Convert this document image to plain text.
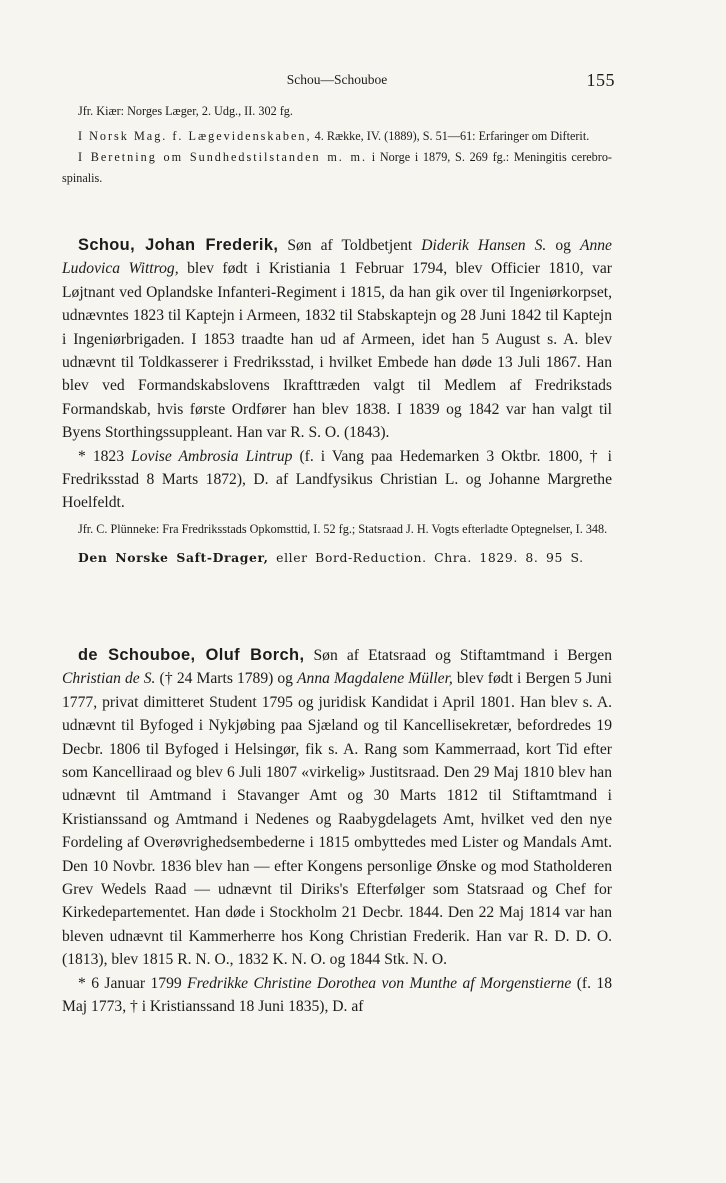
Schou—Schouboe	155

Jfr. Kiær: Norges Læger, 2. Udg., II. 302 fg.

I Norsk Mag. f. Lægevidenskaben, 4. Række, IV. (1889), S. 51—61: Erfaringer om Difterit.

I Beretning om Sundhedstilstanden m. m. i Norge i 1879, S. 269 fg.: Meningitis cerebro-spinalis.

Schou, Johan Frederik, Søn af Toldbetjent Diderik Hansen S. og Anne Ludovica Wittrog, blev født i Kristiania 1 Februar 1794, blev Officier 1810, var Løjtnant ved Oplandske Infanteri-Regiment i 1815, da han gik over til Ingeniørkorpset, udnævntes 1823 til Kaptejn i Armeen, 1832 til Stabskaptejn og 28 Juni 1842 til Kaptejn i Ingeniørbrigaden. I 1853 traadte han ud af Armeen, idet han 5 August s. A. blev udnævnt til Toldkasserer i Fredriksstad, i hvilket Embede han døde 13 Juli 1867. Han blev ved Formandskabslovens Ikrafttræden valgt til Medlem af Fredrikstads Formandskab, hvis første Ordfører han blev 1838. I 1839 og 1842 var han valgt til Byens Storthingssuppleant. Han var R. S. O. (1843).

* 1823 Lovise Ambrosia Lintrup (f. i Vang paa Hedemarken 3 Oktbr. 1800, † i Fredriksstad 8 Marts 1872), D. af Landfysikus Christian L. og Johanne Margrethe Hoelfeldt.

Jfr. C. Plünneke: Fra Fredriksstads Opkomsttid, I. 52 fg.; Statsraad J. H. Vogts efterladte Optegnelser, I. 348.

Den Norske Saft-Drager, eller Bord-Reduction. Chra. 1829. 8. 95 S.

de Schouboe, Oluf Borch, Søn af Etatsraad og Stiftamtmand i Bergen Christian de S. († 24 Marts 1789) og Anna Magdalene Müller, blev født i Bergen 5 Juni 1777, privat dimitteret Student 1795 og juridisk Kandidat i April 1801. Han blev s. A. udnævnt til Byfoged i Nykjøbing paa Sjæland og til Kancellisekretær, befordredes 19 Decbr. 1806 til Byfoged i Helsingør, fik s. A. Rang som Kammerraad, kort Tid efter som Kancelliraad og blev 6 Juli 1807 «virkelig» Justitsraad. Den 29 Maj 1810 blev han udnævnt til Amtmand i Stavanger Amt og 30 Marts 1812 til Stiftamtmand i Kristianssand og Amtmand i Nedenes og Raabygdelagets Amt, hvilket ved den nye Fordeling af Overøvrighedsembederne i 1815 ombyttedes med Lister og Mandals Amt. Den 10 Novbr. 1836 blev han — efter Kongens personlige Ønske og mod Statholderen Grev Wedels Raad — udnævnt til Diriks's Efterfølger som Statsraad og Chef for Kirkedepartementet. Han døde i Stockholm 21 Decbr. 1844. Den 22 Maj 1814 var han bleven udnævnt til Kammerherre hos Kong Christian Frederik. Han var R. D. D. O. (1813), blev 1815 R. N. O., 1832 K. N. O. og 1844 Stk. N. O.

* 6 Januar 1799 Fredrikke Christine Dorothea von Munthe af Morgenstierne (f. 18 Maj 1773, † i Kristianssand 18 Juni 1835), D. af
